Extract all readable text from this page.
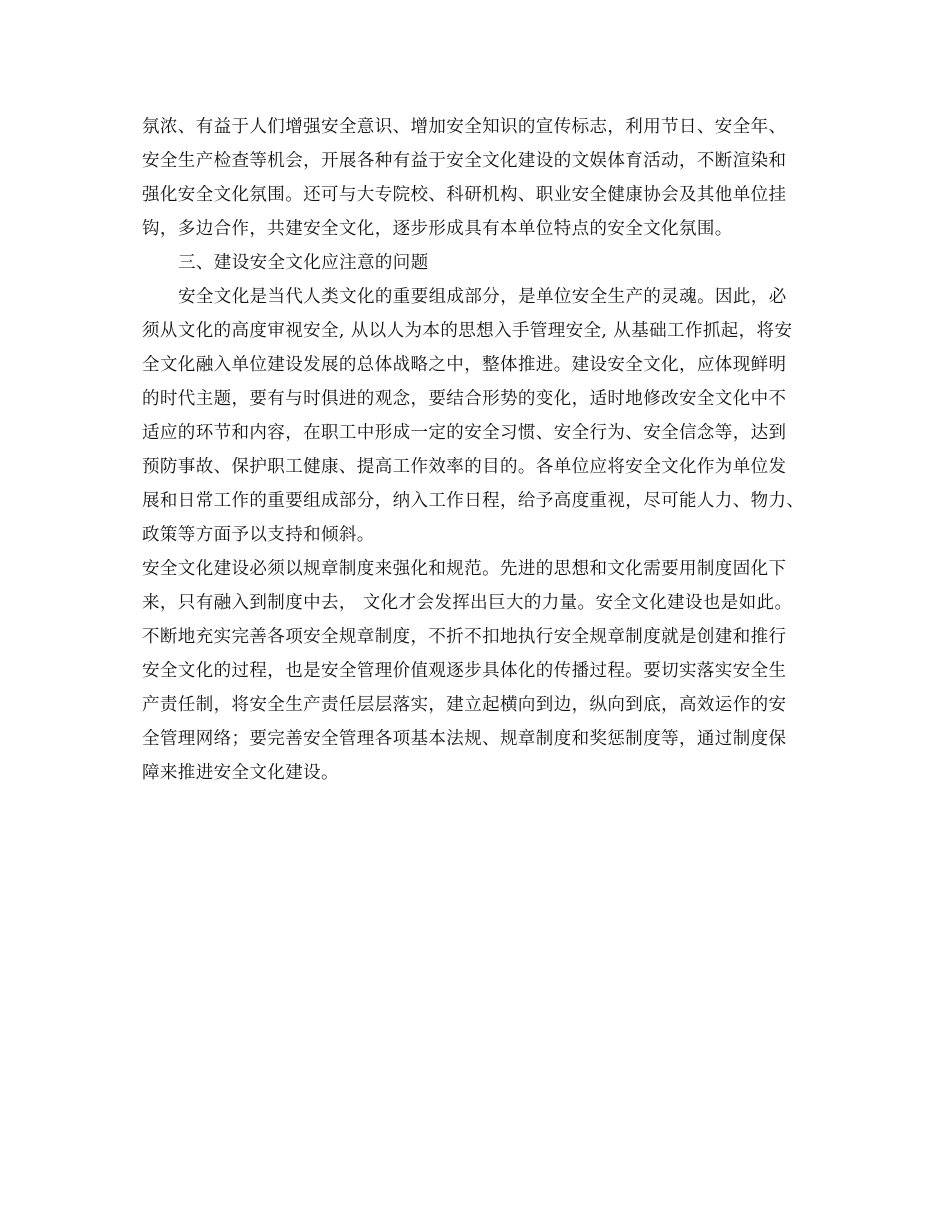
氛浓、有益于人们增强安全意识、增加安全知识的宣传标志，利用节日、安全年、
安全生产检查等机会，开展各种有益于安全文化建设的文娱体育活动，不断渲染和
强化安全文化氛围。还可与大专院校、科研机构、职业安全健康协会及其他单位挂
钩，多边合作，共建安全文化，逐步形成具有本单位特点的安全文化氛围。
三、建设安全文化应注意的问题
安全文化是当代人类文化的重要组成部分，是单位安全生产的灵魂。因此，必
须从文化的高度审视安全, 从以人为本的思想入手管理安全, 从基础工作抓起，将安
全文化融入单位建设发展的总体战略之中，整体推进。建设安全文化，应体现鲜明
的时代主题，要有与时俱进的观念，要结合形势的变化，适时地修改安全文化中不
适应的环节和内容，在职工中形成一定的安全习惯、安全行为、安全信念等，达到
预防事故、保护职工健康、提高工作效率的目的。各单位应将安全文化作为单位发
展和日常工作的重要组成部分，纳入工作日程，给予高度重视，尽可能人力、物力、
政策等方面予以支持和倾斜。
安全文化建设必须以规章制度来强化和规范。先进的思想和文化需要用制度固化下
来，只有融入到制度中去， 文化才会发挥出巨大的力量。安全文化建设也是如此。
不断地充实完善各项安全规章制度，不折不扣地执行安全规章制度就是创建和推行
安全文化的过程，也是安全管理价值观逐步具体化的传播过程。要切实落实安全生
产责任制，将安全生产责任层层落实，建立起横向到边，纵向到底，高效运作的安
全管理网络；要完善安全管理各项基本法规、规章制度和奖惩制度等，通过制度保
障来推进安全文化建设。
